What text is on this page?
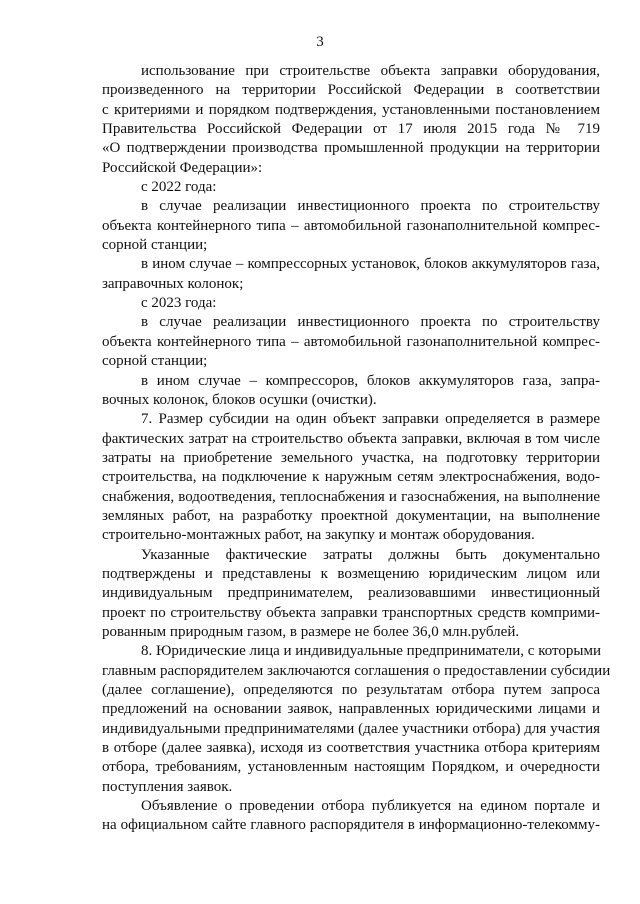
3
использование при строительстве объекта заправки оборудования,
произведенного на территории Российской Федерации в соответствии
с критериями и порядком подтверждения, установленными постановлением
Правительства Российской Федерации от 17 июля 2015 года № 719
«О подтверждении производства промышленной продукции на территории
Российской Федерации»:
с 2022 года:
в случае реализации инвестиционного проекта по строительству
объекта контейнерного типа – автомобильной газонаполнительной компрес-
сорной станции;
в ином случае – компрессорных установок, блоков аккумуляторов газа,
заправочных колонок;
с 2023 года:
в случае реализации инвестиционного проекта по строительству
объекта контейнерного типа – автомобильной газонаполнительной компрес-
сорной станции;
в ином случае – компрессоров, блоков аккумуляторов газа, запра-
вочных колонок, блоков осушки (очистки).
7. Размер субсидии на один объект заправки определяется в размере
фактических затрат на строительство объекта заправки, включая в том числе
затраты на приобретение земельного участка, на подготовку территории
строительства, на подключение к наружным сетям электроснабжения, водо-
снабжения, водоотведения, теплоснабжения и газоснабжения, на выполнение
земляных работ, на разработку проектной документации, на выполнение
строительно-монтажных работ, на закупку и монтаж оборудования.
Указанные фактические затраты должны быть документально
подтверждены и представлены к возмещению юридическим лицом или
индивидуальным предпринимателем, реализовавшими инвестиционный
проект по строительству объекта заправки транспортных средств комприми-
рованным природным газом, в размере не более 36,0 млн.рублей.
8. Юридические лица и индивидуальные предприниматели, с которыми
главным распорядителем заключаются соглашения о предоставлении субсидии
(далее соглашение), определяются по результатам отбора путем запроса
предложений на основании заявок, направленных юридическими лицами и
индивидуальными предпринимателями (далее участники отбора) для участия
в отборе (далее заявка), исходя из соответствия участника отбора критериям
отбора, требованиям, установленным настоящим Порядком, и очередности
поступления заявок.
Объявление о проведении отбора публикуется на едином портале и
на официальном сайте главного распорядителя в информационно-телекомму-
